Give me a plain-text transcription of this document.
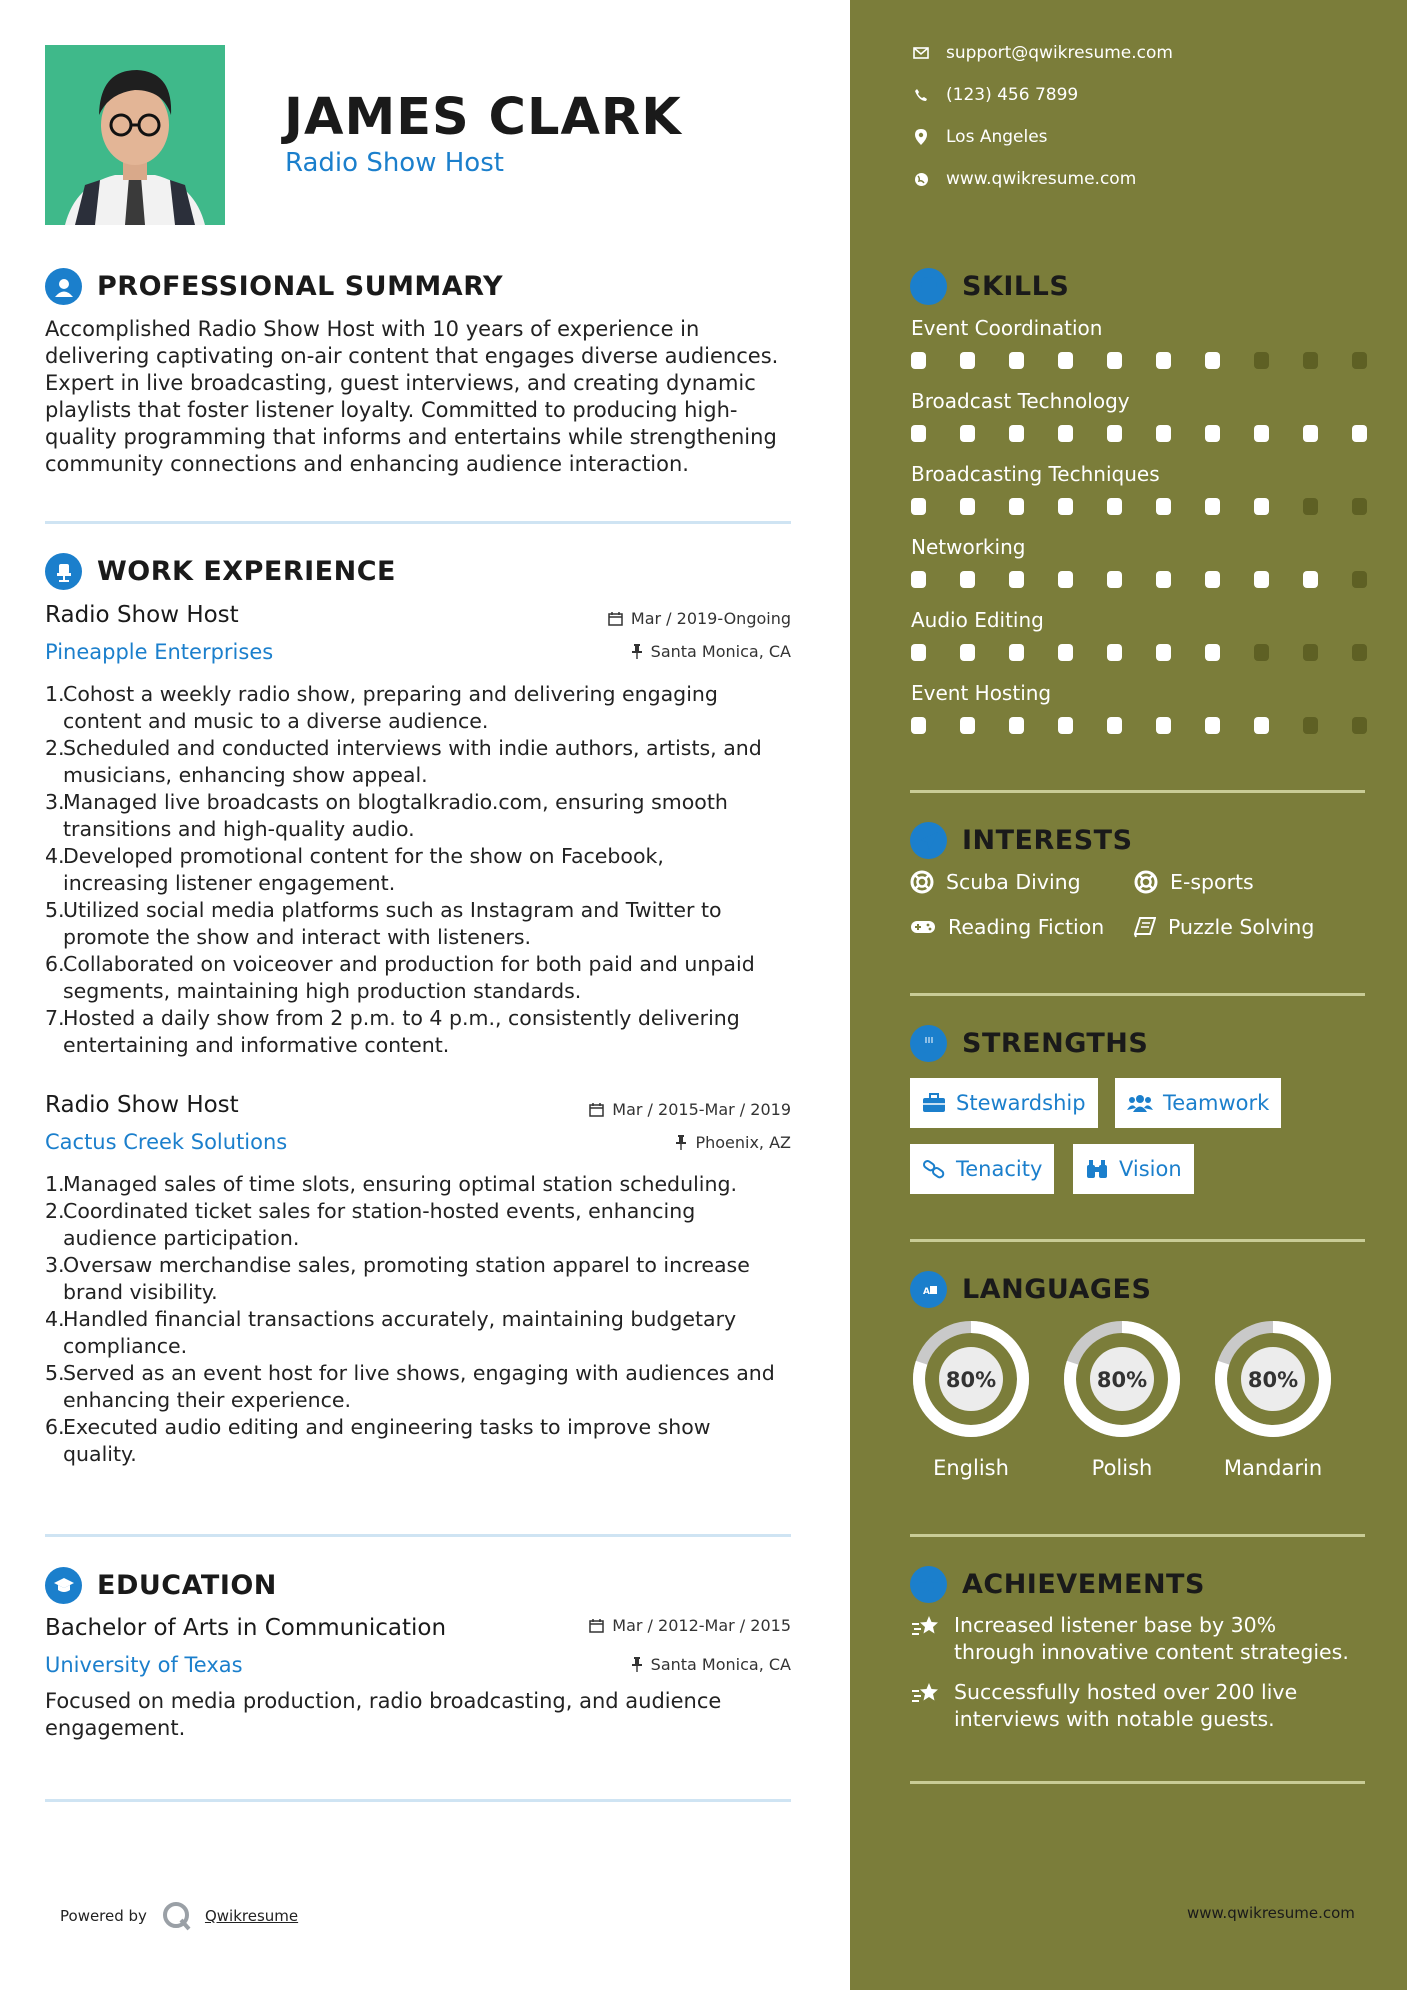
JAMES CLARK
Radio Show Host
PROFESSIONAL SUMMARY
Accomplished Radio Show Host with 10 years of experience in
delivering captivating on-air content that engages diverse audiences.
Expert in live broadcasting, guest interviews, and creating dynamic
playlists that foster listener loyalty. Committed to producing high-
quality programming that informs and entertains while strengthening
community connections and enhancing audience interaction.
WORK EXPERIENCE
Radio Show Host
Pineapple Enterprises
Mar / 2019-Ongoing
Santa Monica, CA
1.
Cohost a weekly radio show, preparing and delivering engaging
content and music to a diverse audience.
2.
Scheduled and conducted interviews with indie authors, artists, and
musicians, enhancing show appeal.
3.
Managed live broadcasts on blogtalkradio.com, ensuring smooth
transitions and high-quality audio.
4.
Developed promotional content for the show on Facebook,
increasing listener engagement.
5.
Utilized social media platforms such as Instagram and Twitter to
promote the show and interact with listeners.
6.
Collaborated on voiceover and production for both paid and unpaid
segments, maintaining high production standards.
7.
Hosted a daily show from 2 p.m. to 4 p.m., consistently delivering
entertaining and informative content.
Radio Show Host
Cactus Creek Solutions
Mar / 2015-Mar / 2019
Phoenix, AZ
1.
Managed sales of time slots, ensuring optimal station scheduling.
2.
Coordinated ticket sales for station-hosted events, enhancing
audience participation.
3.
Oversaw merchandise sales, promoting station apparel to increase
brand visibility.
4.
Handled financial transactions accurately, maintaining budgetary
compliance.
5.
Served as an event host for live shows, engaging with audiences and
enhancing their experience.
6.
Executed audio editing and engineering tasks to improve show
quality.
EDUCATION
Bachelor of Arts in Communication
University of Texas
Mar / 2012-Mar / 2015
Santa Monica, CA
Focused on media production, radio broadcasting, and audience
engagement.
Powered by	Qwikresume
support@qwikresume.com
(123) 456 7899
Los Angeles
www.qwikresume.com
SKILLS
Event Coordination
Broadcast Technology
Broadcasting Techniques
Networking
Audio Editing
Event Hosting
INTERESTS
Scuba Diving	E-sports
Reading Fiction	Puzzle Solving
STRENGTHS
Stewardship	Teamwork
Tenacity	Vision
A LANGUAGES
80%
English
80%
Polish
80%
Mandarin
ACHIEVEMENTS
Increased listener base by 30%
through innovative content strategies.
Successfully hosted over 200 live
interviews with notable guests.
www.qwikresume.com
